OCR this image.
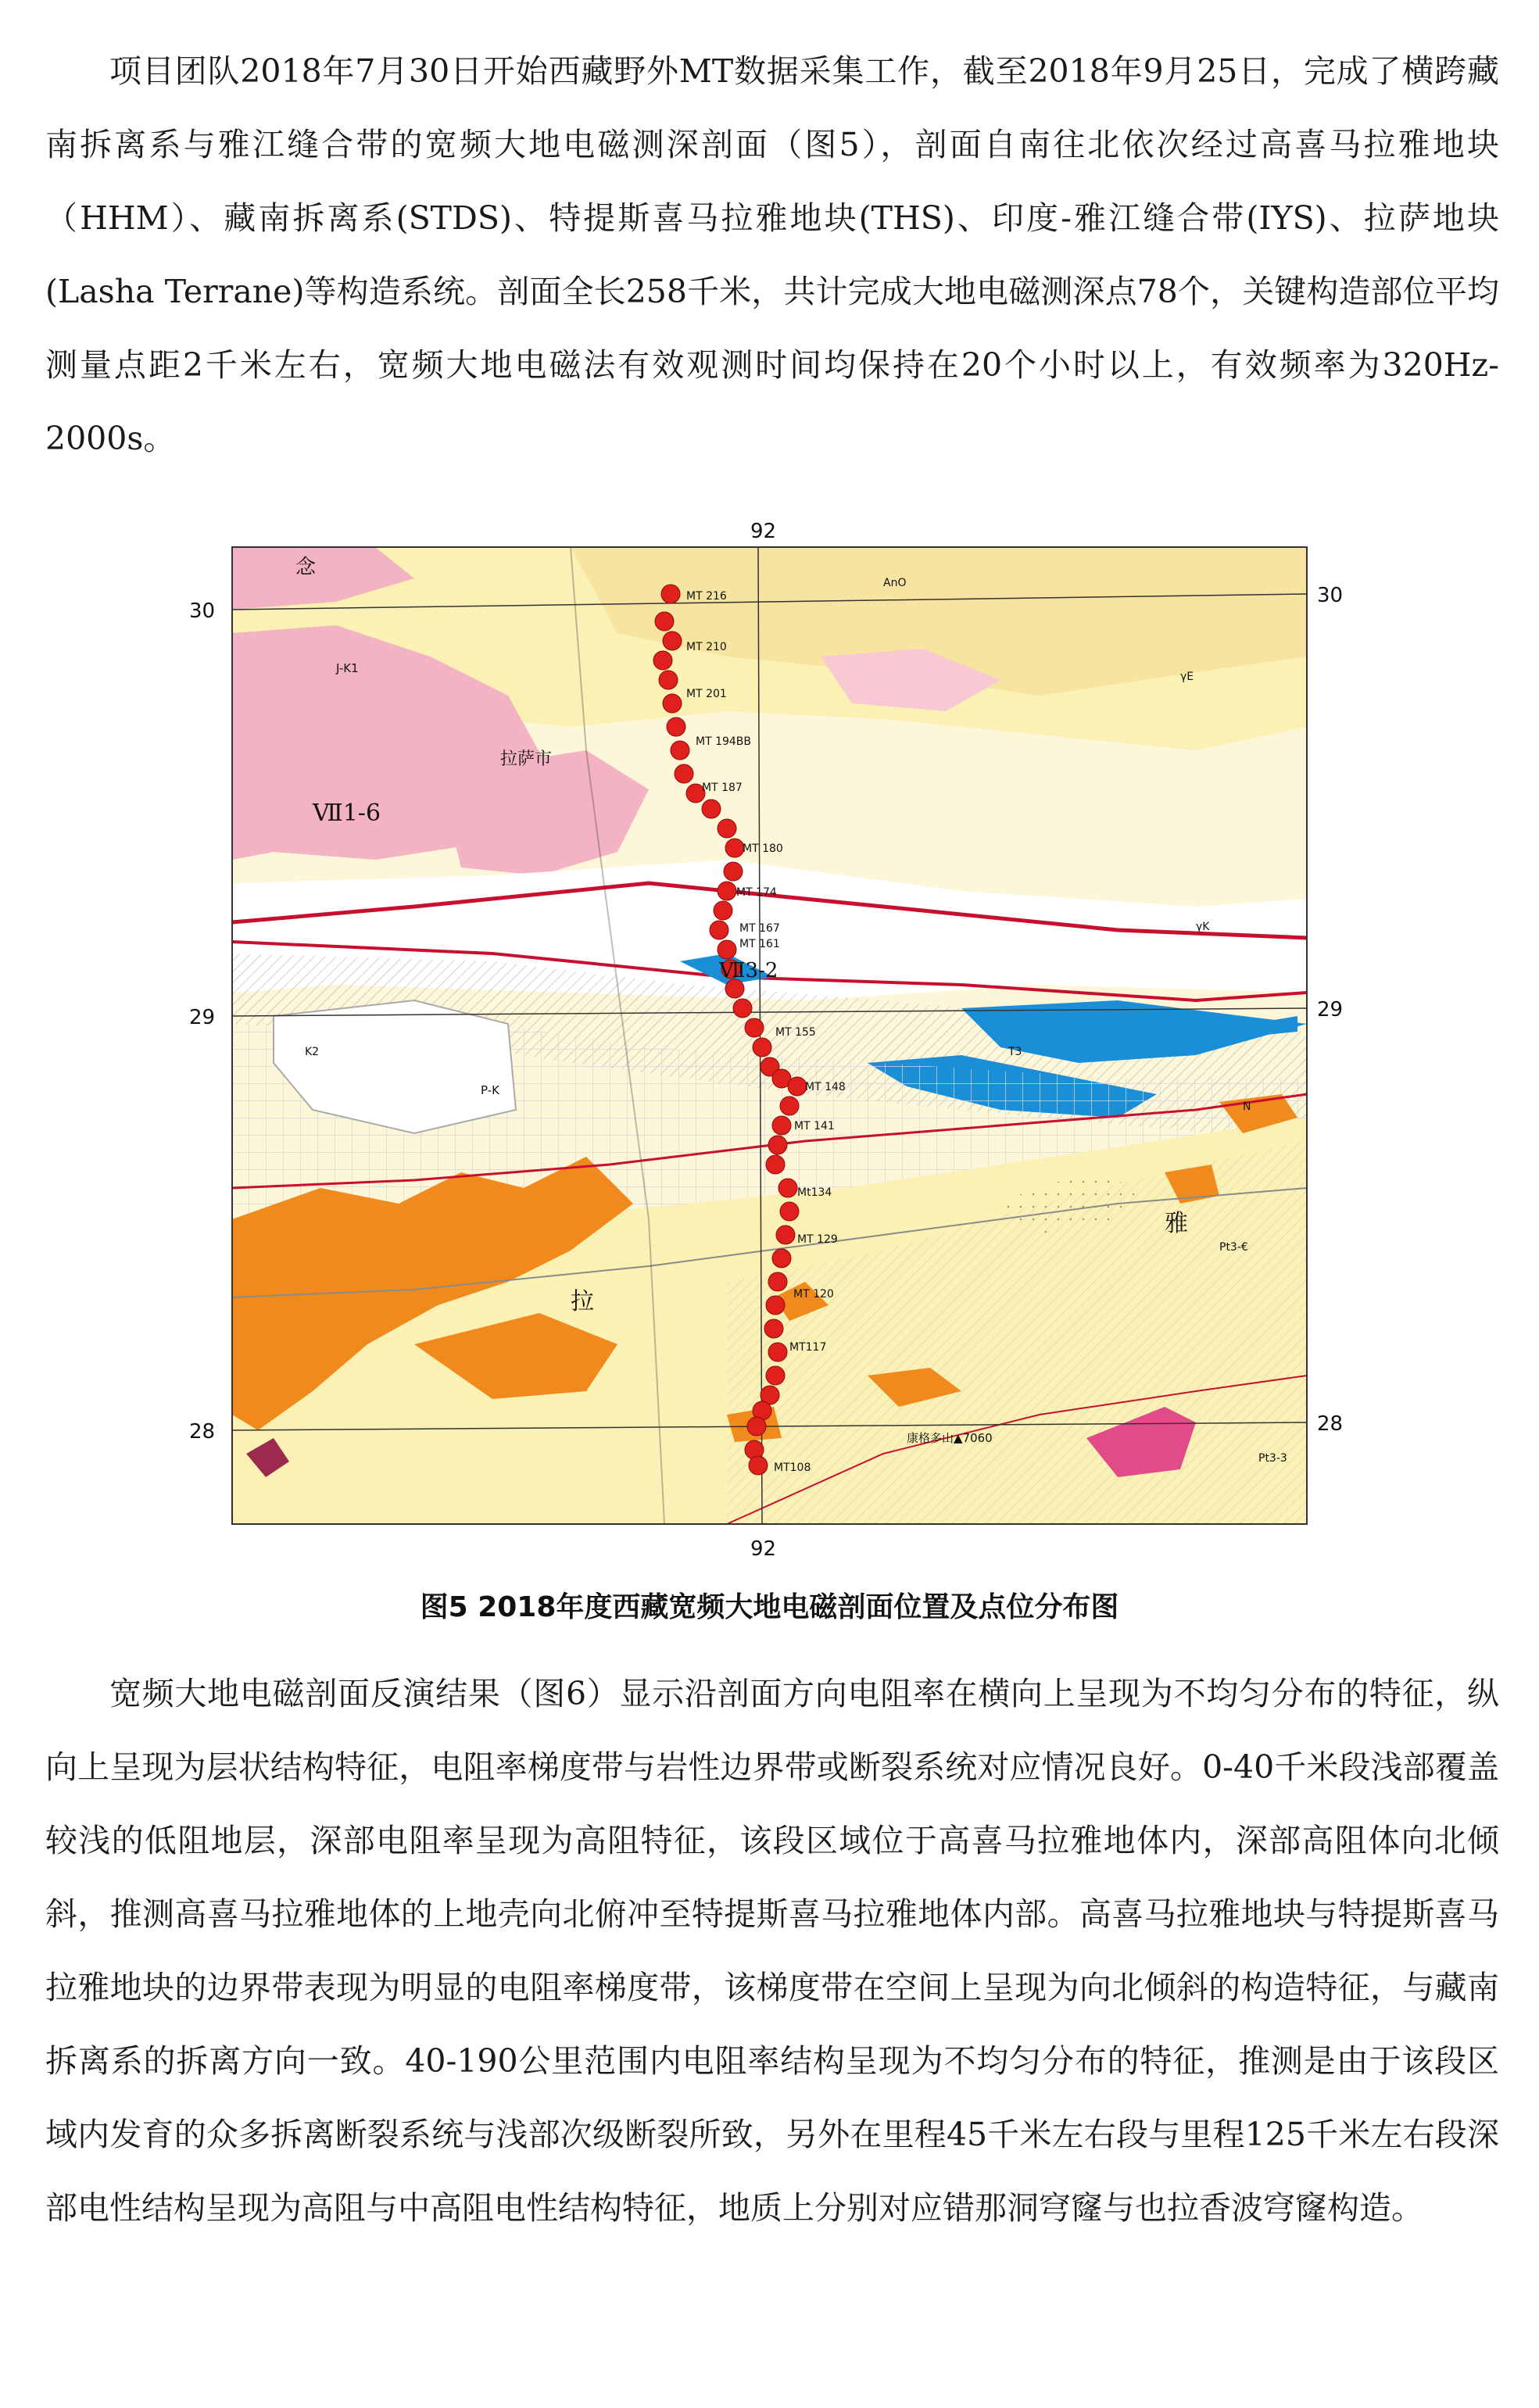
项目团队2018年7月30日开始西藏野外MT数据采集工作，截至2018年9月25日，完成了横跨藏南拆离系与雅江缝合带的宽频大地电磁测深剖面（图5），剖面自南往北依次经过高喜马拉雅地块（HHM）、藏南拆离系(STDS)、特提斯喜马拉雅地块(THS)、印度-雅江缝合带(IYS)、拉萨地块(Lasha Terrane)等构造系统。剖面全长258千米，共计完成大地电磁测深点78个，关键构造部位平均测量点距2千米左右，宽频大地电磁法有效观测时间均保持在20个小时以上，有效频率为320Hz-2000s。

MT 216
MT 210
MT 201
MT 194BB
MT 187
MT 180
MT 174
MT 167
MT 161
MT 155
MT 148
MT 141
Mt134
MT 129
MT 120
MT117
MT108
念
拉萨市
拉
雅
康格多山▲7060
Ⅶ1-6
Ⅶ3-2
AnO
P-K
Pt3-€
Pt3-3
J-K1
T3
γE
γK
K2
N
92
92
30
29
28
30
29
28

图5 2018年度西藏宽频大地电磁剖面位置及点位分布图

宽频大地电磁剖面反演结果（图6）显示沿剖面方向电阻率在横向上呈现为不均匀分布的特征，纵向上呈现为层状结构特征，电阻率梯度带与岩性边界带或断裂系统对应情况良好。0-40千米段浅部覆盖较浅的低阻地层，深部电阻率呈现为高阻特征，该段区域位于高喜马拉雅地体内，深部高阻体向北倾斜，推测高喜马拉雅地体的上地壳向北俯冲至特提斯喜马拉雅地体内部。高喜马拉雅地块与特提斯喜马拉雅地块的边界带表现为明显的电阻率梯度带，该梯度带在空间上呈现为向北倾斜的构造特征，与藏南拆离系的拆离方向一致。40-190公里范围内电阻率结构呈现为不均匀分布的特征，推测是由于该段区域内发育的众多拆离断裂系统与浅部次级断裂所致，另外在里程45千米左右段与里程125千米左右段深部电性结构呈现为高阻与中高阻电性结构特征，地质上分别对应错那洞穹窿与也拉香波穹窿构造。
